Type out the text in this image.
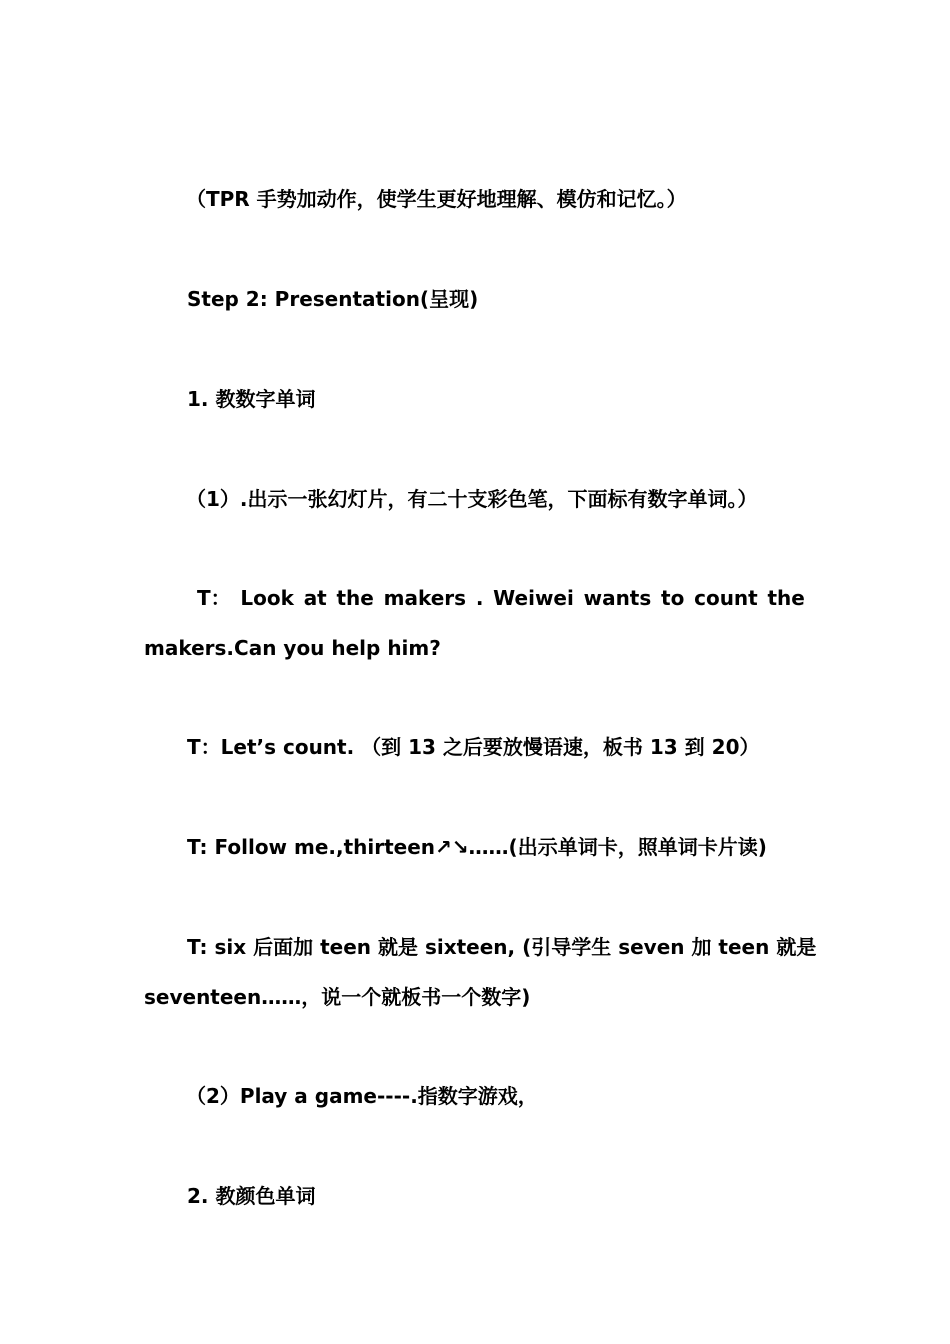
（TPR 手势加动作，使学生更好地理解、模仿和记忆。）
Step 2: Presentation(呈现)
1. 教数字单词
（1）.出示一张幻灯片，有二十支彩色笔，下面标有数字单词。）
T： Look at the makers . Weiwei wants to count the
makers.Can you help him?
T：Let’s count. （到 13 之后要放慢语速，板书 13 到 20）
T: Follow me.,thirteen↗↘……(出示单词卡，照单词卡片读)
T: six 后面加 teen 就是 sixteen, (引导学生 seven 加 teen 就是
seventeen……，说一个就板书一个数字)
（2）Play a game----.指数字游戏，
2. 教颜色单词
